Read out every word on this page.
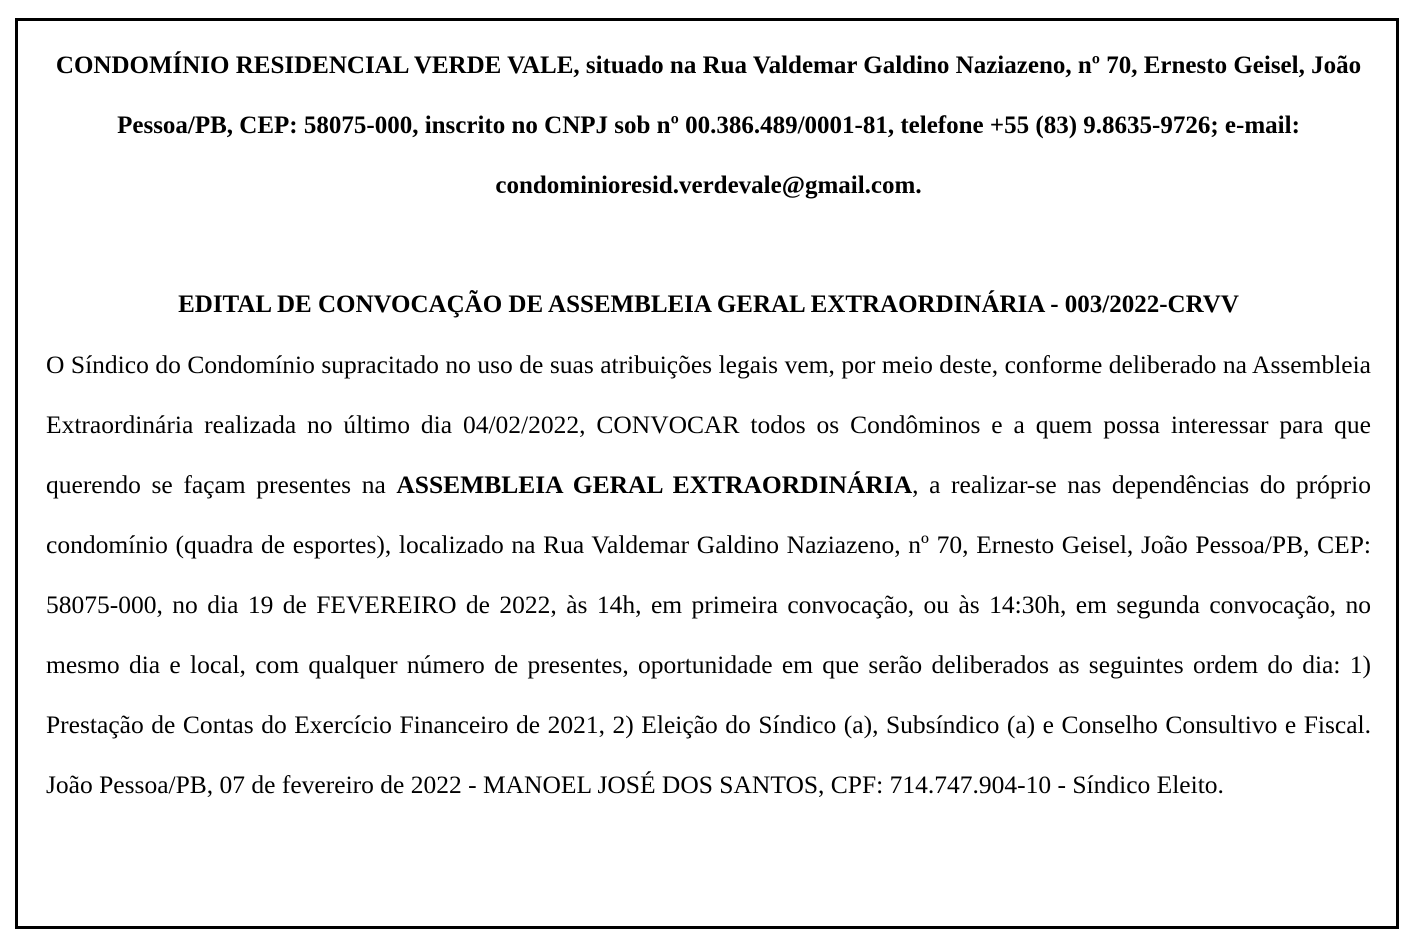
CONDOMÍNIO RESIDENCIAL VERDE VALE, situado na Rua Valdemar Galdino Naziazeno, nº 70, Ernesto Geisel, João Pessoa/PB, CEP: 58075-000, inscrito no CNPJ sob nº 00.386.489/0001-81, telefone +55 (83) 9.8635-9726; e-mail: condominioresid.verdevale@gmail.com.

EDITAL DE CONVOCAÇÃO DE ASSEMBLEIA GERAL EXTRAORDINÁRIA - 003/2022-CRVV

O Síndico do Condomínio supracitado no uso de suas atribuições legais vem, por meio deste, conforme deliberado na Assembleia Extraordinária realizada no último dia 04/02/2022, CONVOCAR todos os Condôminos e a quem possa interessar para que querendo se façam presentes na ASSEMBLEIA GERAL EXTRAORDINÁRIA, a realizar-se nas dependências do próprio condomínio (quadra de esportes), localizado na Rua Valdemar Galdino Naziazeno, nº 70, Ernesto Geisel, João Pessoa/PB, CEP: 58075-000, no dia 19 de FEVEREIRO de 2022, às 14h, em primeira convocação, ou às 14:30h, em segunda convocação, no mesmo dia e local, com qualquer número de presentes, oportunidade em que serão deliberados as seguintes ordem do dia: 1) Prestação de Contas do Exercício Financeiro de 2021, 2) Eleição do Síndico (a), Subsíndico (a) e Conselho Consultivo e Fiscal. João Pessoa/PB, 07 de fevereiro de 2022 - MANOEL JOSÉ DOS SANTOS, CPF: 714.747.904-10 - Síndico Eleito.
